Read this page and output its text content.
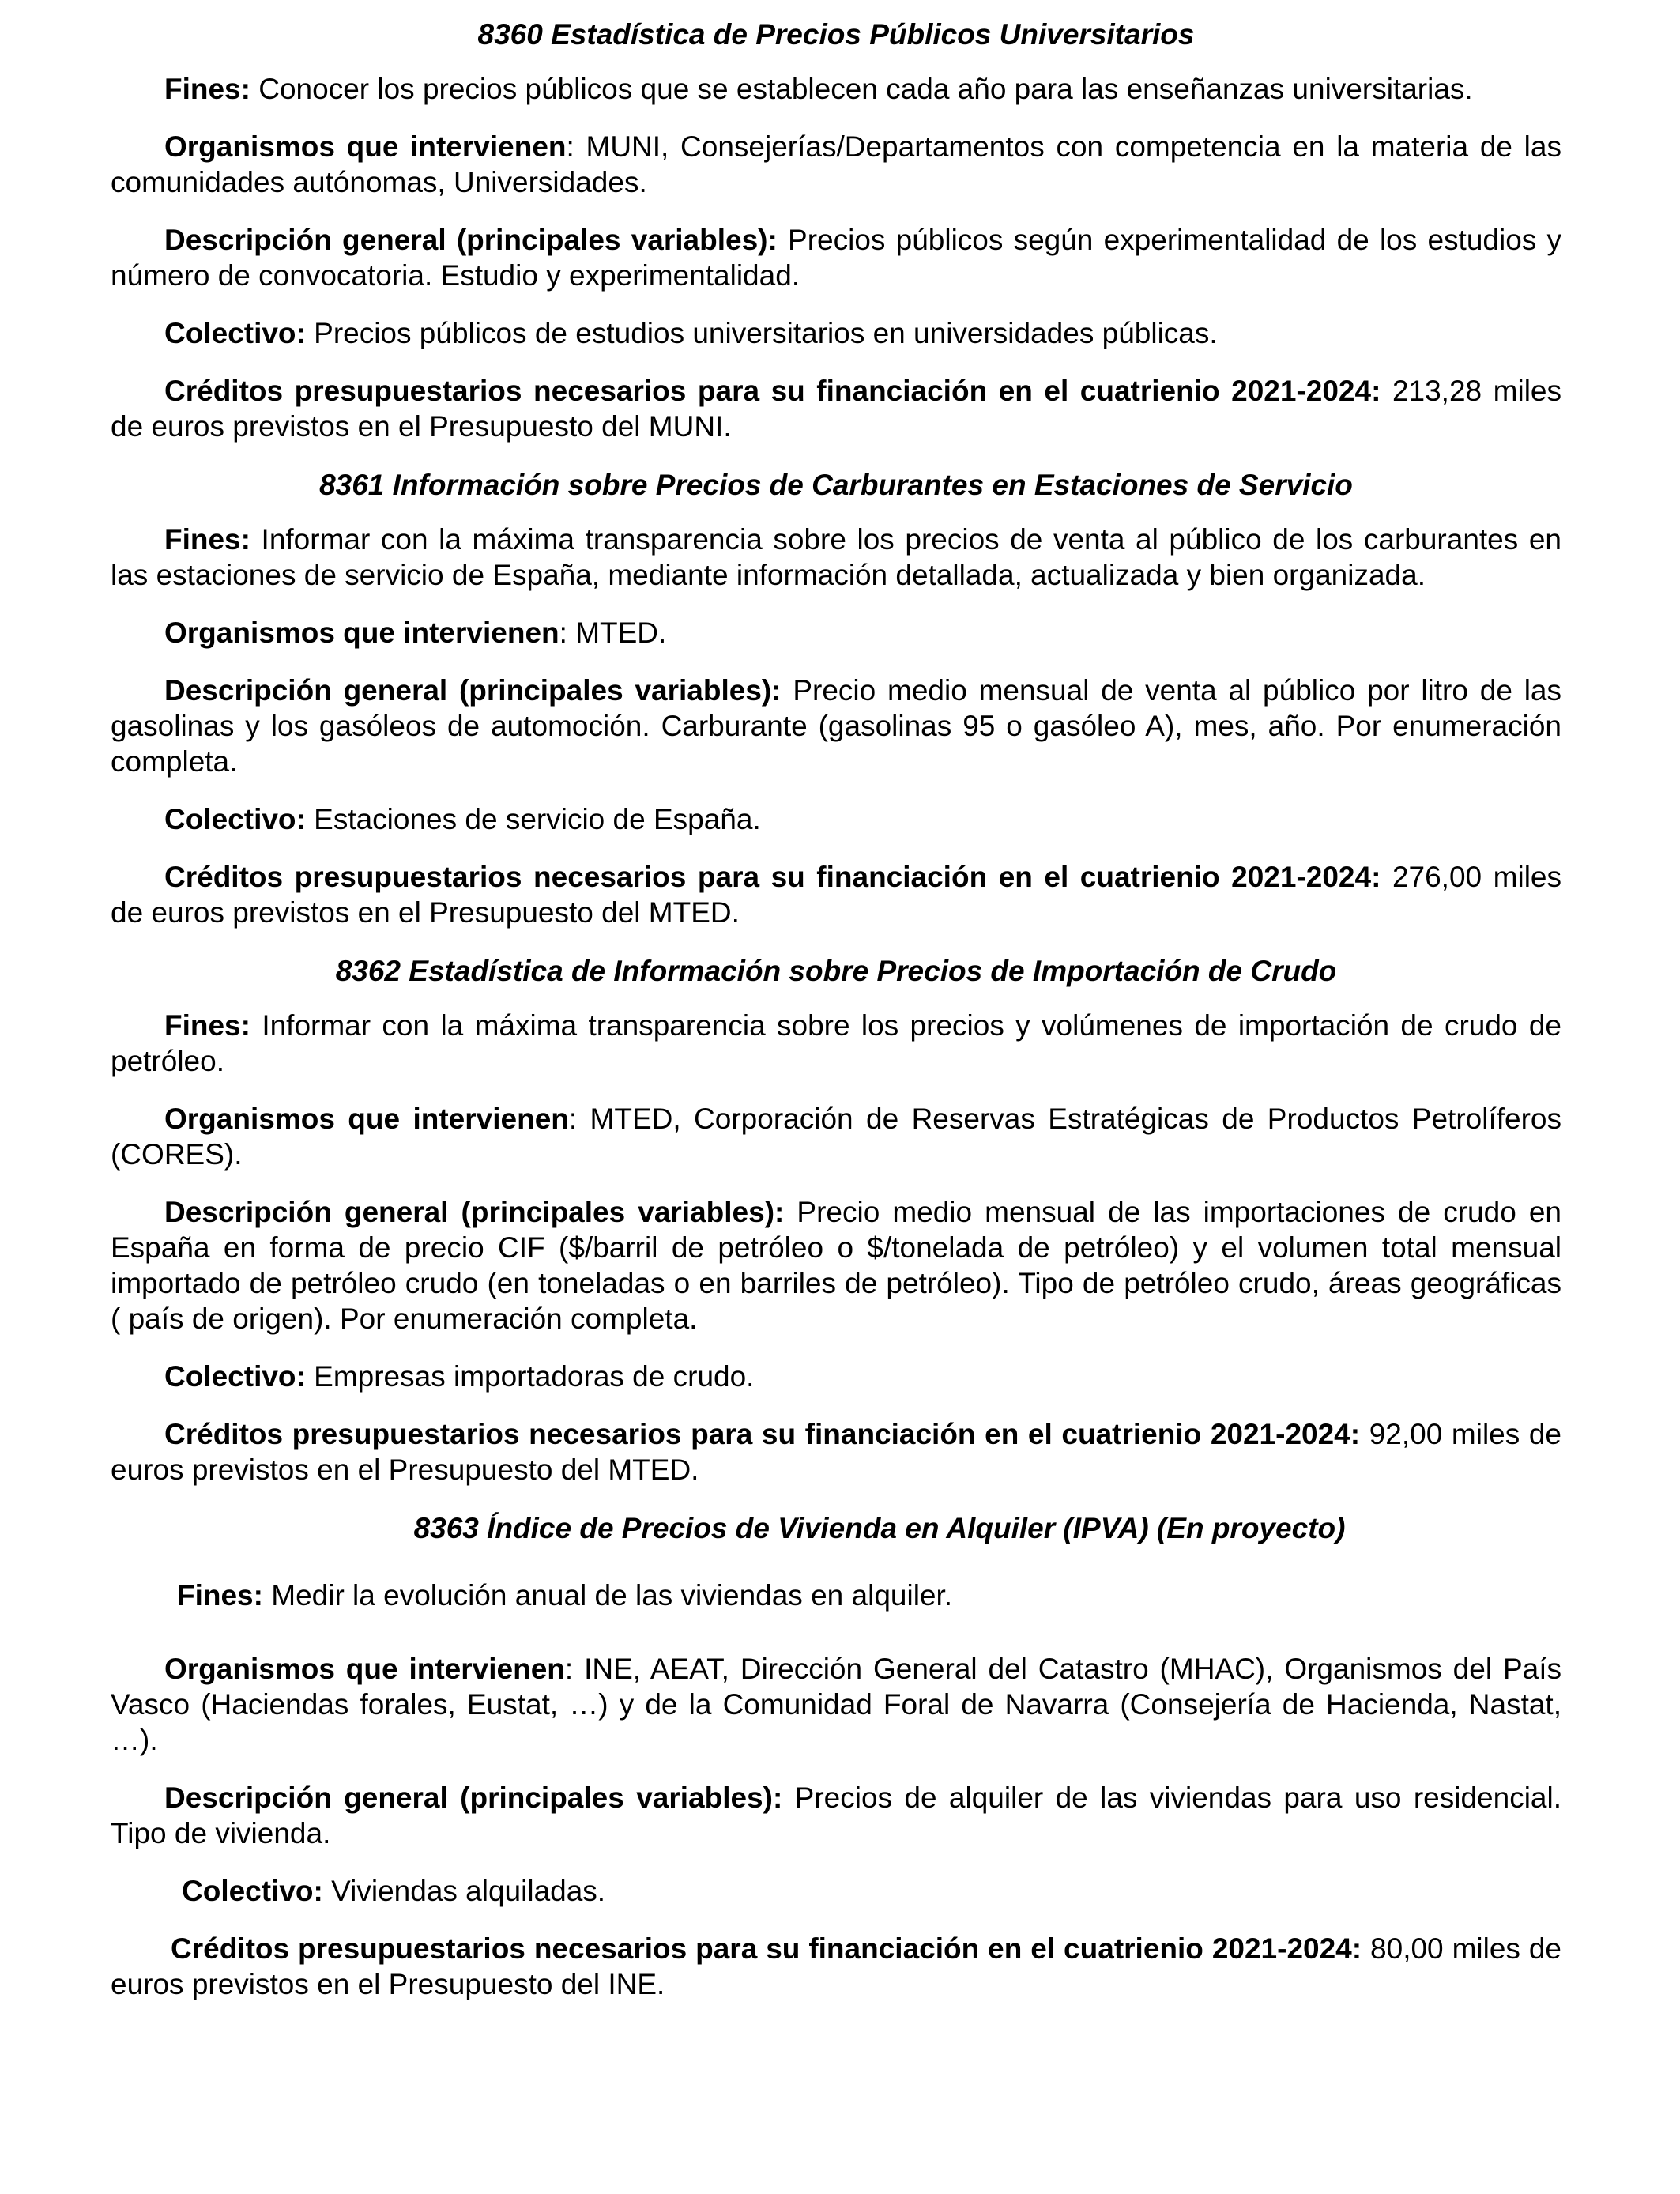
8360 Estadística de Precios Públicos Universitarios

Fines: Conocer los precios públicos que se establecen cada año para las enseñanzas universitarias.

Organismos que intervienen: MUNI, Consejerías/Departamentos con competencia en la materia de las comunidades autónomas, Universidades.

Descripción general (principales variables): Precios públicos según experimentalidad de los estudios y número de convocatoria. Estudio y experimentalidad.

Colectivo: Precios públicos de estudios universitarios en universidades públicas.

Créditos presupuestarios necesarios para su financiación en el cuatrienio 2021-2024: 213,28 miles de euros previstos en el Presupuesto del MUNI.

8361 Información sobre Precios de Carburantes en Estaciones de Servicio

Fines: Informar con la máxima transparencia sobre los precios de venta al público de los carburantes en las estaciones de servicio de España, mediante información detallada, actualizada y bien organizada.

Organismos que intervienen: MTED.

Descripción general (principales variables): Precio medio mensual de venta al público por litro de las gasolinas y los gasóleos de automoción. Carburante (gasolinas 95 o gasóleo A), mes, año. Por enumeración completa.

Colectivo: Estaciones de servicio de España.

Créditos presupuestarios necesarios para su financiación en el cuatrienio 2021-2024: 276,00 miles de euros previstos en el Presupuesto del MTED.

8362 Estadística de Información sobre Precios de Importación de Crudo

Fines: Informar con la máxima transparencia sobre los precios y volúmenes de importación de crudo de petróleo.

Organismos que intervienen: MTED, Corporación de Reservas Estratégicas de Productos Petrolíferos (CORES).

Descripción general (principales variables): Precio medio mensual de las importaciones de crudo en España en forma de precio CIF ($/barril de petróleo o $/tonelada de petróleo) y el volumen total mensual importado de petróleo crudo (en toneladas o en barriles de petróleo). Tipo de petróleo crudo, áreas geográficas ( país de origen). Por enumeración completa.

Colectivo: Empresas importadoras de crudo.

Créditos presupuestarios necesarios para su financiación en el cuatrienio 2021-2024: 92,00 miles de euros previstos en el Presupuesto del MTED.

8363 Índice de Precios de Vivienda en Alquiler (IPVA) (En proyecto)

Fines: Medir la evolución anual de las viviendas en alquiler.

Organismos que intervienen: INE, AEAT, Dirección General del Catastro (MHAC), Organismos del País Vasco (Haciendas forales, Eustat, …) y de la Comunidad Foral de Navarra (Consejería de Hacienda, Nastat, …).

Descripción general (principales variables): Precios de alquiler de las viviendas para uso residencial. Tipo de vivienda.

Colectivo: Viviendas alquiladas.

Créditos presupuestarios necesarios para su financiación en el cuatrienio 2021-2024: 80,00 miles de euros previstos en el Presupuesto del INE.
